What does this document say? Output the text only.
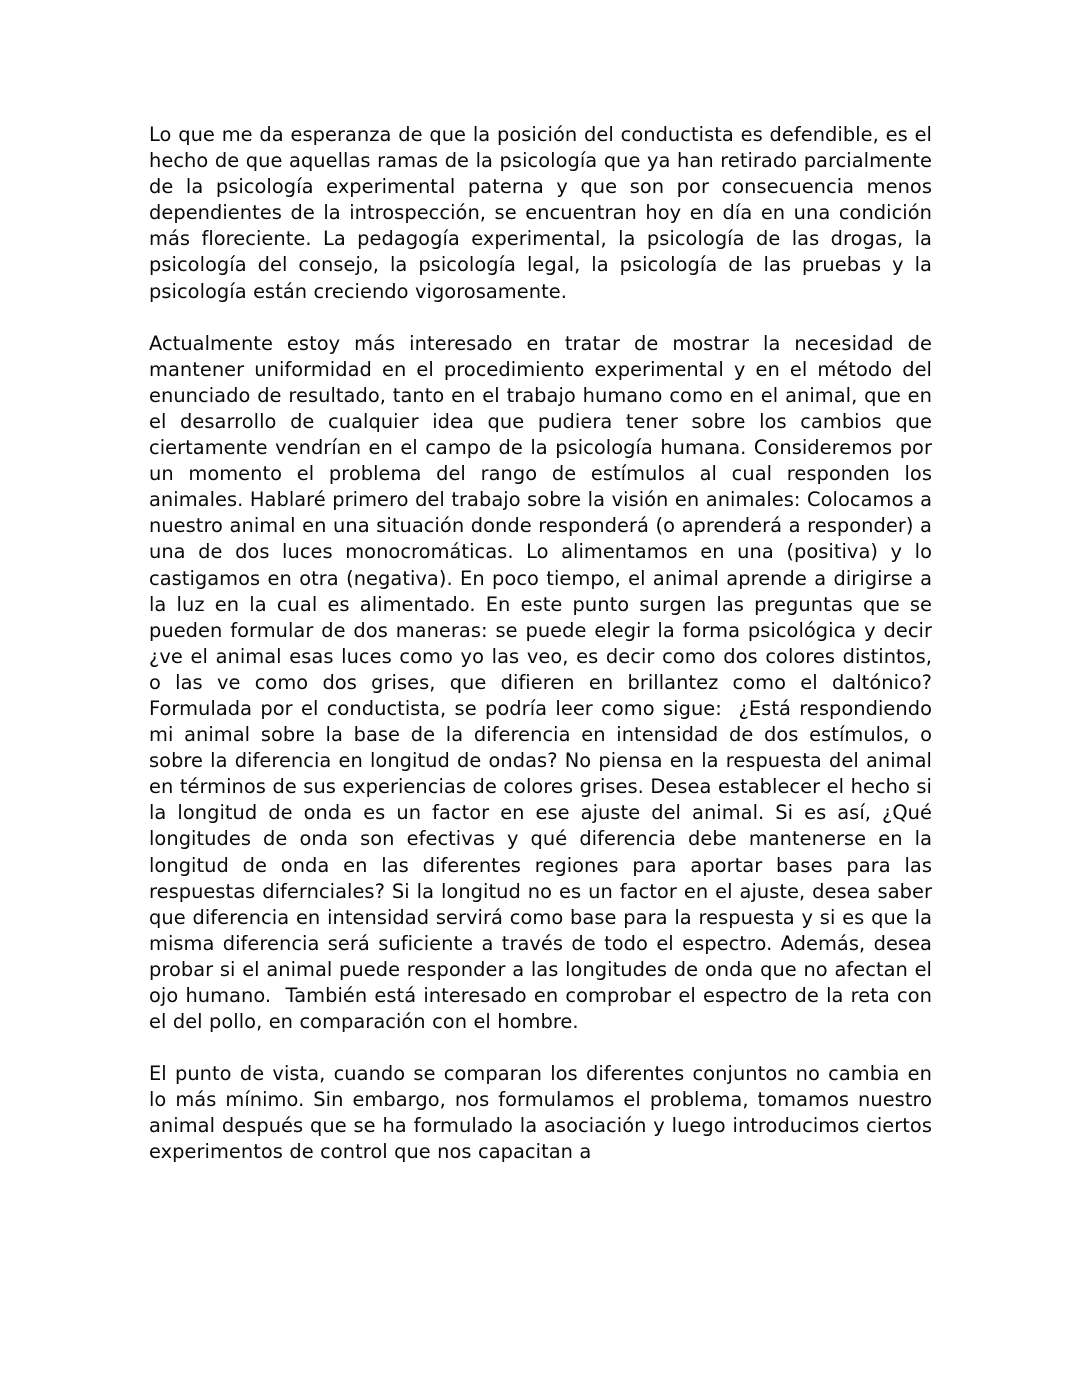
Lo que me da esperanza de que la posición del conductista es defendible, es el hecho de que aquellas ramas de la psicología que ya han retirado parcialmente de la psicología experimental paterna y que son por consecuencia menos dependientes de la introspección, se encuentran hoy en día en una condición más floreciente. La pedagogía experimental, la psicología de las drogas, la psicología del consejo, la psicología legal, la psicología de las pruebas y la psicología están creciendo vigorosamente.

Actualmente estoy más interesado en tratar de mostrar la necesidad de mantener uniformidad en el procedimiento experimental y en el método del enunciado de resultado, tanto en el trabajo humano como en el animal, que en el desarrollo de cualquier idea que pudiera tener sobre los cambios que ciertamente vendrían en el campo de la psicología humana. Consideremos por un momento el problema del rango de estímulos al cual responden los animales. Hablaré primero del trabajo sobre la visión en animales: Colocamos a nuestro animal en una situación donde responderá (o aprenderá a responder) a una de dos luces monocromáticas. Lo alimentamos en una (positiva) y lo castigamos en otra (negativa). En poco tiempo, el animal aprende a dirigirse a la luz en la cual es alimentado. En este punto surgen las preguntas que se pueden formular de dos maneras: se puede elegir la forma psicológica y decir ¿ve el animal esas luces como yo las veo, es decir como dos colores distintos, o las ve como dos grises, que difieren en brillantez como el daltónico? Formulada por el conductista, se podría leer como sigue:  ¿Está respondiendo mi animal sobre la base de la diferencia en intensidad de dos estímulos, o sobre la diferencia en longitud de ondas? No piensa en la respuesta del animal en términos de sus experiencias de colores grises. Desea establecer el hecho si la longitud de onda es un factor en ese ajuste del animal. Si es así, ¿Qué longitudes de onda son efectivas y qué diferencia debe mantenerse en la longitud de onda en las diferentes regiones para aportar bases para las respuestas difernciales? Si la longitud no es un factor en el ajuste, desea saber que diferencia en intensidad servirá como base para la respuesta y si es que la misma diferencia será suficiente a través de todo el espectro. Además, desea probar si el animal puede responder a las longitudes de onda que no afectan el ojo humano.  También está interesado en comprobar el espectro de la reta con el del pollo, en comparación con el hombre.

El punto de vista, cuando se comparan los diferentes conjuntos no cambia en lo más mínimo. Sin embargo, nos formulamos el problema, tomamos nuestro animal después que se ha formulado la asociación y luego introducimos ciertos experimentos de control que nos capacitan a
